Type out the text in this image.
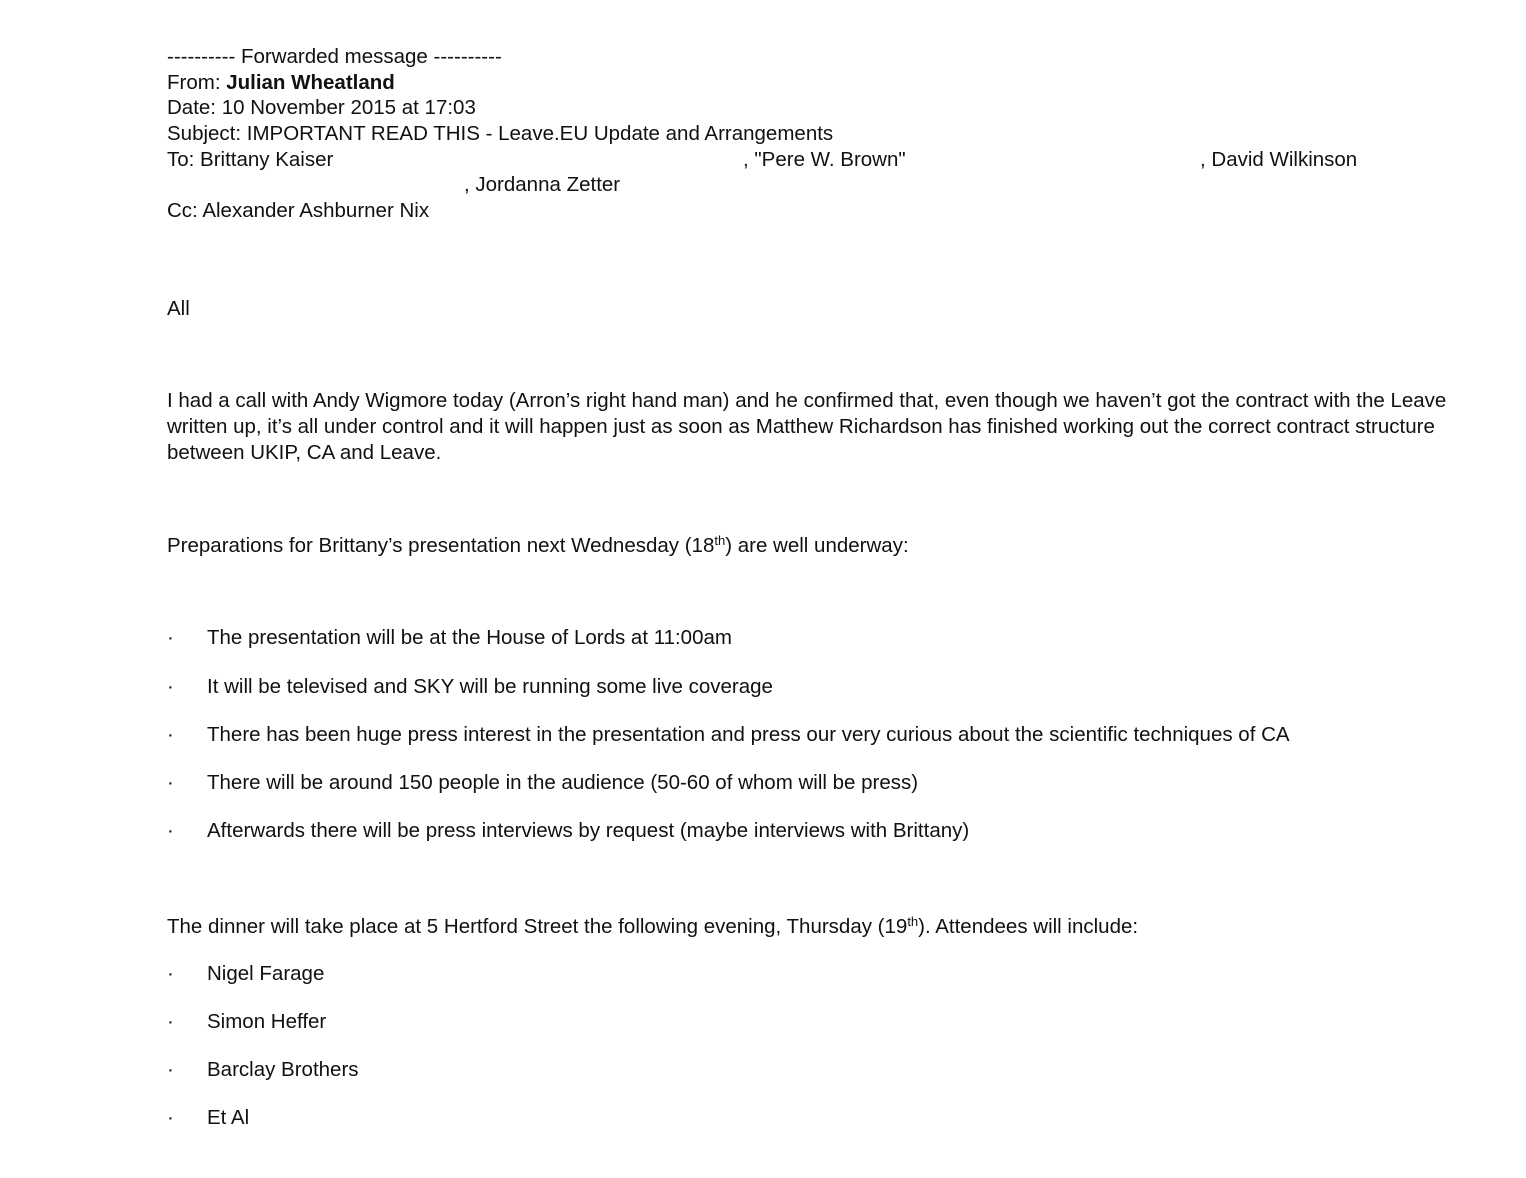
---------- Forwarded message ----------
From: Julian Wheatland
Date: 10 November 2015 at 17:03
Subject: IMPORTANT READ THIS - Leave.EU Update and Arrangements
To: Brittany Kaiser	, "Pere W. Brown"	, David Wilkinson
, Jordanna Zetter
Cc: Alexander Ashburner Nix
All

I had a call with Andy Wigmore today (Arron’s right hand man) and he confirmed that, even though we haven’t got the contract with the Leave written up, it’s all under control and it will happen just as soon as Matthew Richardson has finished working out the correct contract structure between UKIP, CA and Leave.

Preparations for Brittany’s presentation next Wednesday (18th) are well underway:
· The presentation will be at the House of Lords at 11:00am
· It will be televised and SKY will be running some live coverage
· There has been huge press interest in the presentation and press our very curious about the scientific techniques of CA
· There will be around 150 people in the audience (50-60 of whom will be press)
· Afterwards there will be press interviews by request (maybe interviews with Brittany)
The dinner will take place at 5 Hertford Street the following evening, Thursday (19th). Attendees will include:
· Nigel Farage
· Simon Heffer
· Barclay Brothers
· Et Al
